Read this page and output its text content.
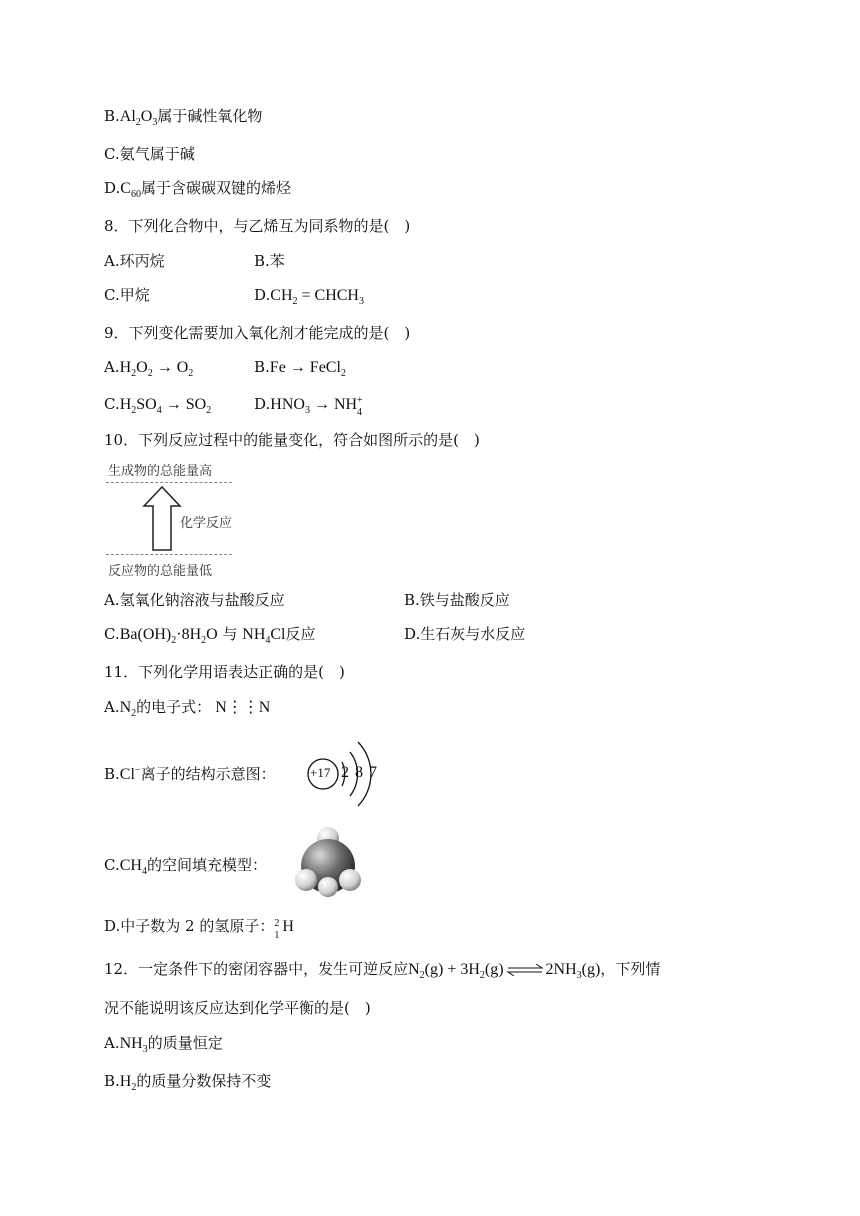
$B.Al_2O_3$属于碱性氧化物
C.氨气属于碱
$D.C_{60}$属于含碳碳双键的烯烃
8．下列化合物中，与乙烯互为同系物的是(　)
A.环丙烷	B.苯
C.甲烷	$D.CH_2$ = $CHCH_3$
9．下列变化需要加入氧化剂才能完成的是(　)
$A.H_2O_2 \to O_2$	B.Fe → FeCl$_2$
$C.H_2SO_4 \to SO_2$	$D.HNO_3$ → NH +
4
10．下列反应过程中的能量变化，符合如图所示的是(　)
生成物的总能量高
化学反应
反应物的总能量低
A.氢氧化钠溶液与盐酸反应	B.铁与盐酸反应
$C.Ba(OH)_2\cdot 8H_2O$ 与 $NH_4Cl$反应	D.生石灰与水反应
11．下列化学用语表达正确的是(　)
$A.N_2$的电子式： N⋮⋮N
B.Cl−离子的结构示意图：	+17 2 8 7
$C.CH_4$的空间填充模型：
D.中子数为 2 的氢原子： 2
1
H
12．一定条件下的密闭容器中，发生可逆反应$N_2(g) + 3H_2(g)$ ⇌ $2NH_3(g)$，下列情
况不能说明该反应达到化学平衡的是(　)
$A.NH_3$的质量恒定
$B.H_2$的质量分数保持不变
